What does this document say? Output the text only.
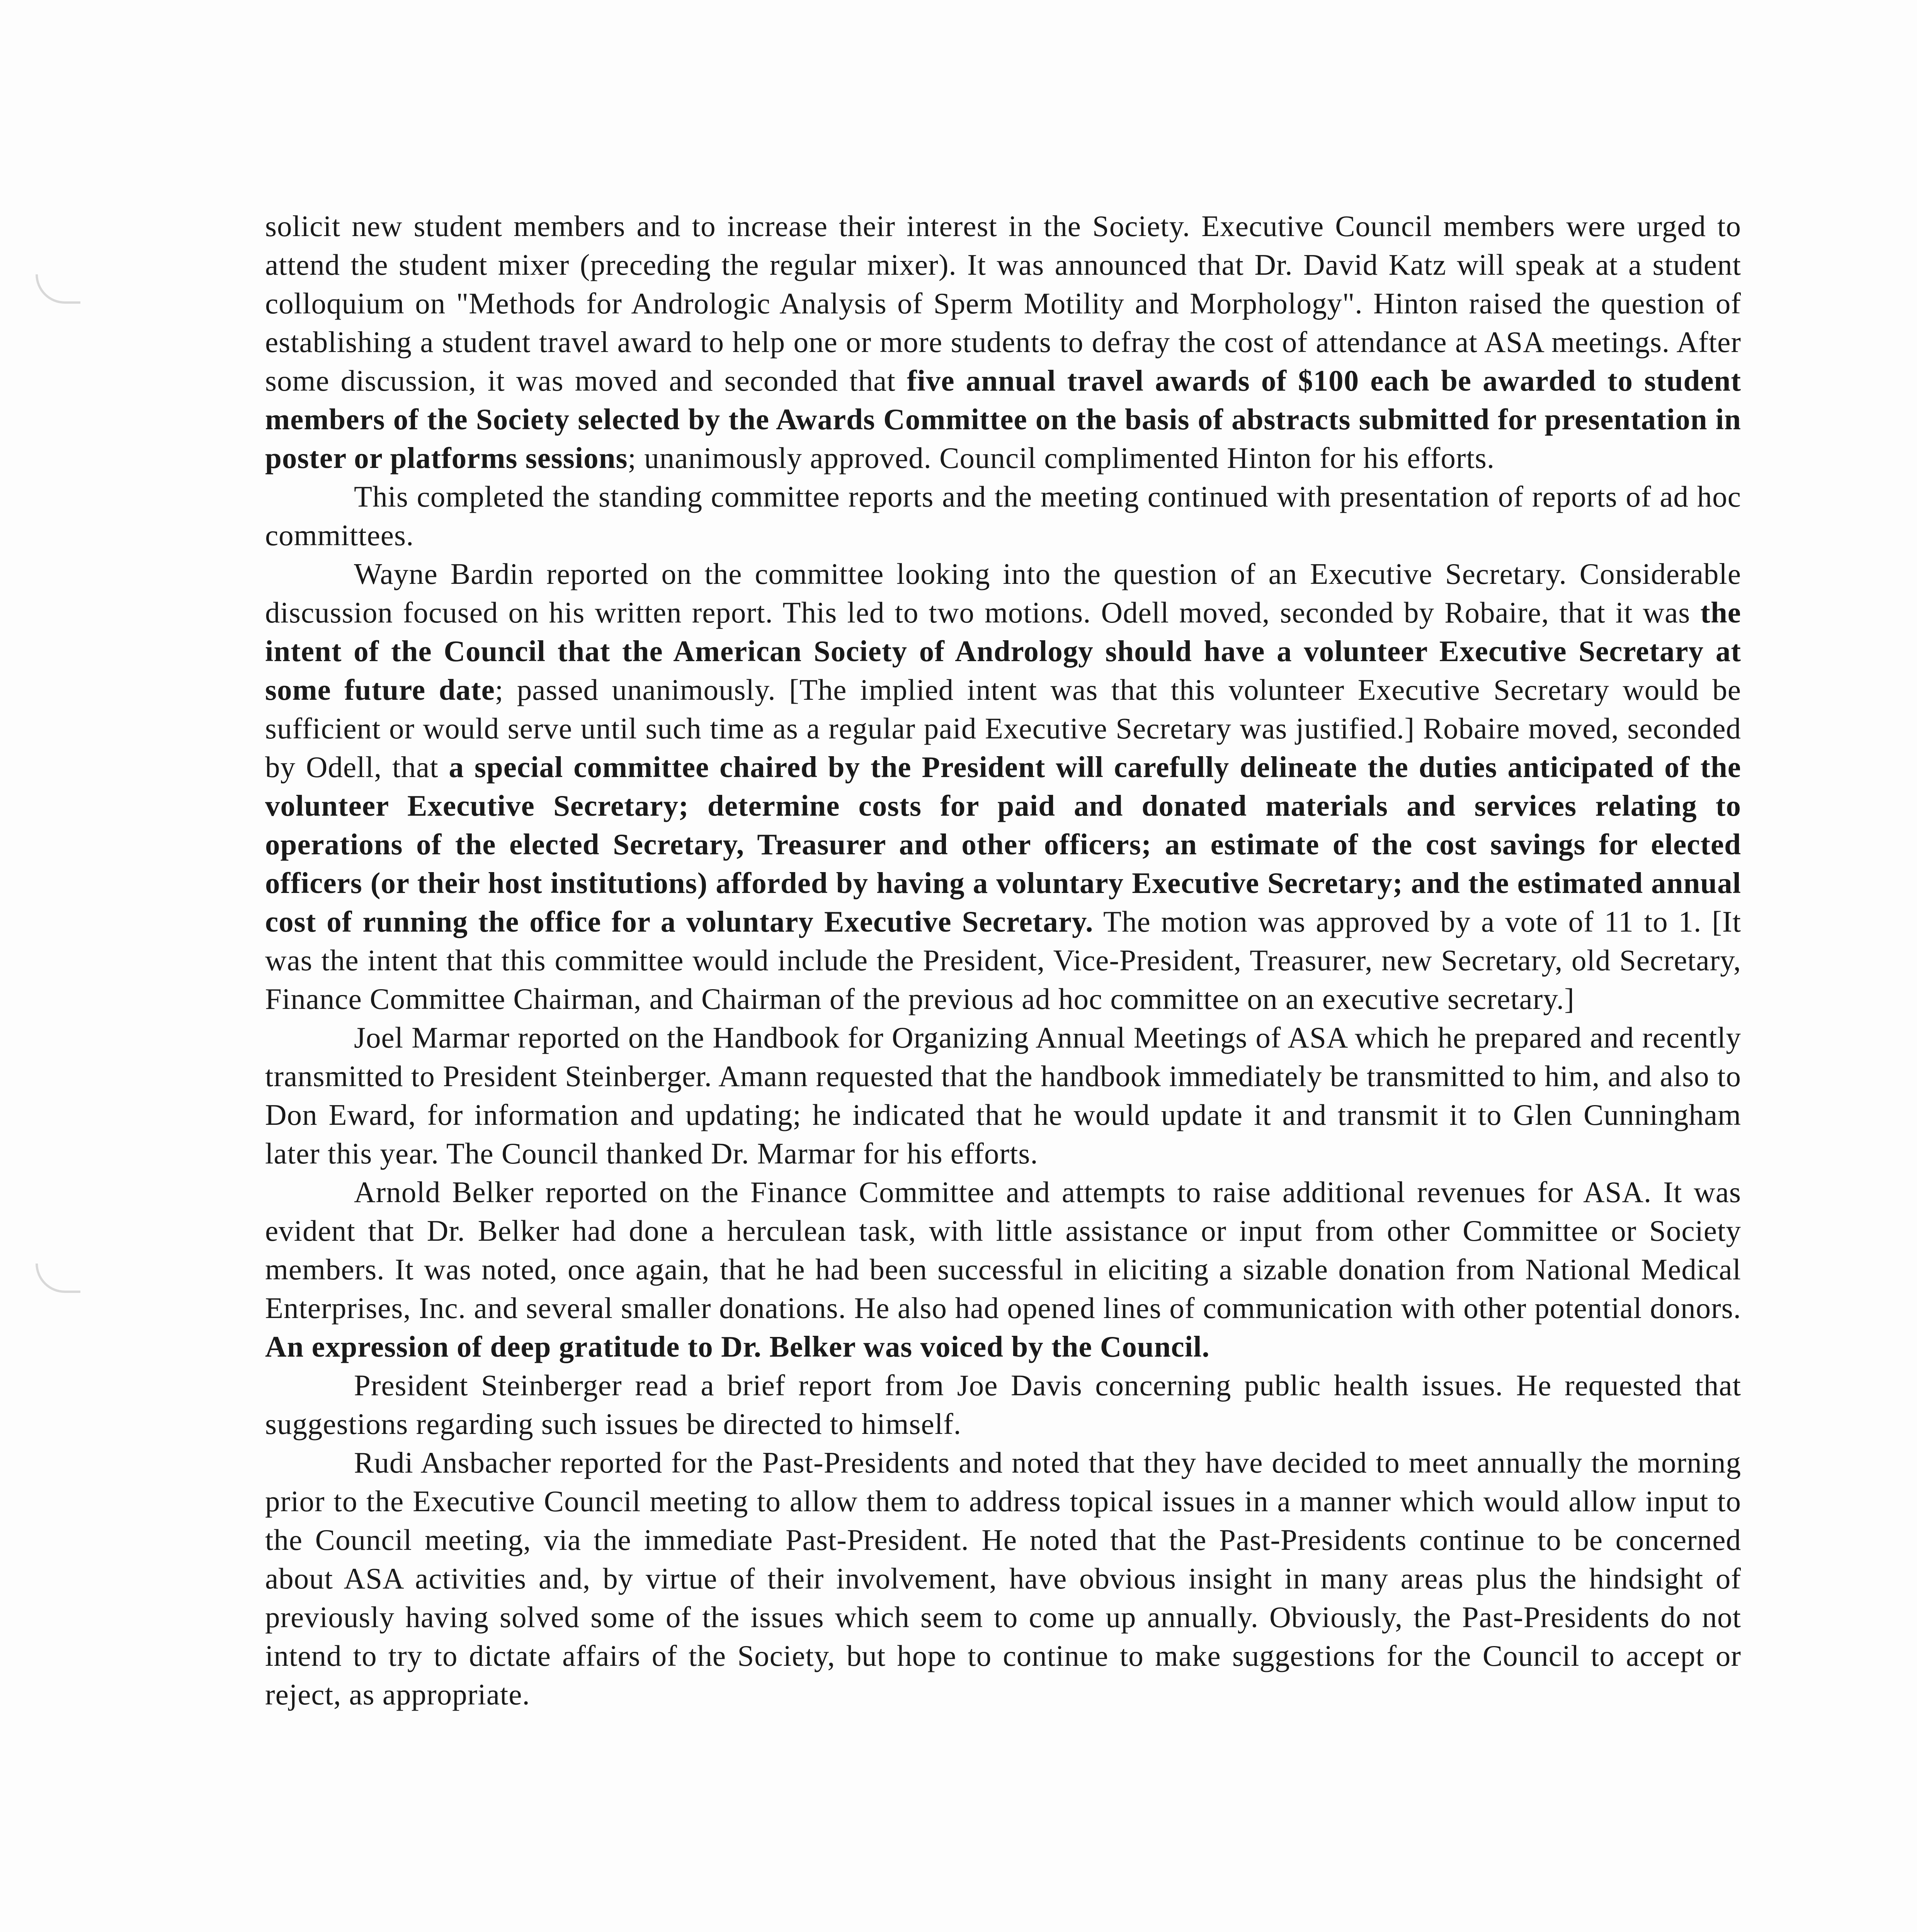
solicit new student members and to increase their interest in the Society. Executive Council members were urged to attend the student mixer (preceding the regular mixer). It was announced that Dr. David Katz will speak at a student colloquium on "Methods for Andrologic Analysis of Sperm Motility and Morphology". Hinton raised the question of establishing a student travel award to help one or more students to defray the cost of attendance at ASA meetings. After some discussion, it was moved and seconded that five annual travel awards of $100 each be awarded to student members of the Society selected by the Awards Committee on the basis of abstracts submitted for presentation in poster or platforms sessions; unanimously approved. Council complimented Hinton for his efforts.

This completed the standing committee reports and the meeting continued with presentation of reports of ad hoc committees.

Wayne Bardin reported on the committee looking into the question of an Executive Secretary. Considerable discussion focused on his written report. This led to two motions. Odell moved, seconded by Robaire, that it was the intent of the Council that the American Society of Andrology should have a volunteer Executive Secretary at some future date; passed unanimously. [The implied intent was that this volunteer Executive Secretary would be sufficient or would serve until such time as a regular paid Executive Secretary was justified.] Robaire moved, seconded by Odell, that a special committee chaired by the President will carefully delineate the duties anticipated of the volunteer Executive Secretary; determine costs for paid and donated materials and services relating to operations of the elected Secretary, Treasurer and other officers; an estimate of the cost savings for elected officers (or their host institutions) afforded by having a voluntary Executive Secretary; and the estimated annual cost of running the office for a voluntary Executive Secretary. The motion was approved by a vote of 11 to 1. [It was the intent that this committee would include the President, Vice-President, Treasurer, new Secretary, old Secretary, Finance Committee Chairman, and Chairman of the previous ad hoc committee on an executive secretary.]

Joel Marmar reported on the Handbook for Organizing Annual Meetings of ASA which he prepared and recently transmitted to President Steinberger. Amann requested that the handbook immediately be transmitted to him, and also to Don Eward, for information and updating; he indicated that he would update it and transmit it to Glen Cunningham later this year. The Council thanked Dr. Marmar for his efforts.

Arnold Belker reported on the Finance Committee and attempts to raise additional revenues for ASA. It was evident that Dr. Belker had done a herculean task, with little assistance or input from other Committee or Society members. It was noted, once again, that he had been successful in eliciting a sizable donation from National Medical Enterprises, Inc. and several smaller donations. He also had opened lines of communication with other potential donors. An expression of deep gratitude to Dr. Belker was voiced by the Council.

President Steinberger read a brief report from Joe Davis concerning public health issues. He requested that suggestions regarding such issues be directed to himself.

Rudi Ansbacher reported for the Past-Presidents and noted that they have decided to meet annually the morning prior to the Executive Council meeting to allow them to address topical issues in a manner which would allow input to the Council meeting, via the immediate Past-President. He noted that the Past-Presidents continue to be concerned about ASA activities and, by virtue of their involvement, have obvious insight in many areas plus the hindsight of previously having solved some of the issues which seem to come up annually. Obviously, the Past-Presidents do not intend to try to dictate affairs of the Society, but hope to continue to make suggestions for the Council to accept or reject, as appropriate.
